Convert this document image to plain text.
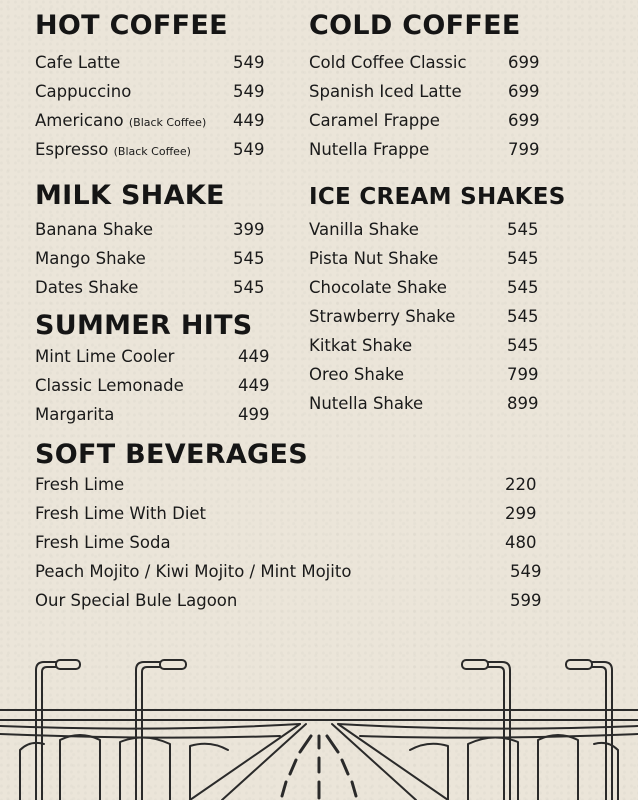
HOT COFFEE
Cafe Latte	549
Cappuccino	549
Americano (Black Coffee) 449
Espresso (Black Coffee)	549
COLD COFFEE
Cold Coffee Classic	699
Spanish Iced Latte	699
Caramel Frappe	699
Nutella Frappe	799
MILK SHAKE
Banana Shake	399
Mango Shake	545
Dates Shake	545
ICE CREAM SHAKES
Vanilla Shake	545
Pista Nut Shake	545
Chocolate Shake	545
Strawberry Shake	545
Kitkat Shake	545
Oreo Shake	799
Nutella Shake	899
SUMMER HITS
Mint Lime Cooler	449
Classic Lemonade	449
Margarita	499
SOFT BEVERAGES
Fresh Lime	220
Fresh Lime With Diet	299
Fresh Lime Soda	480
Peach Mojito / Kiwi Mojito / Mint Mojito	549
Our Special Bule Lagoon	599
